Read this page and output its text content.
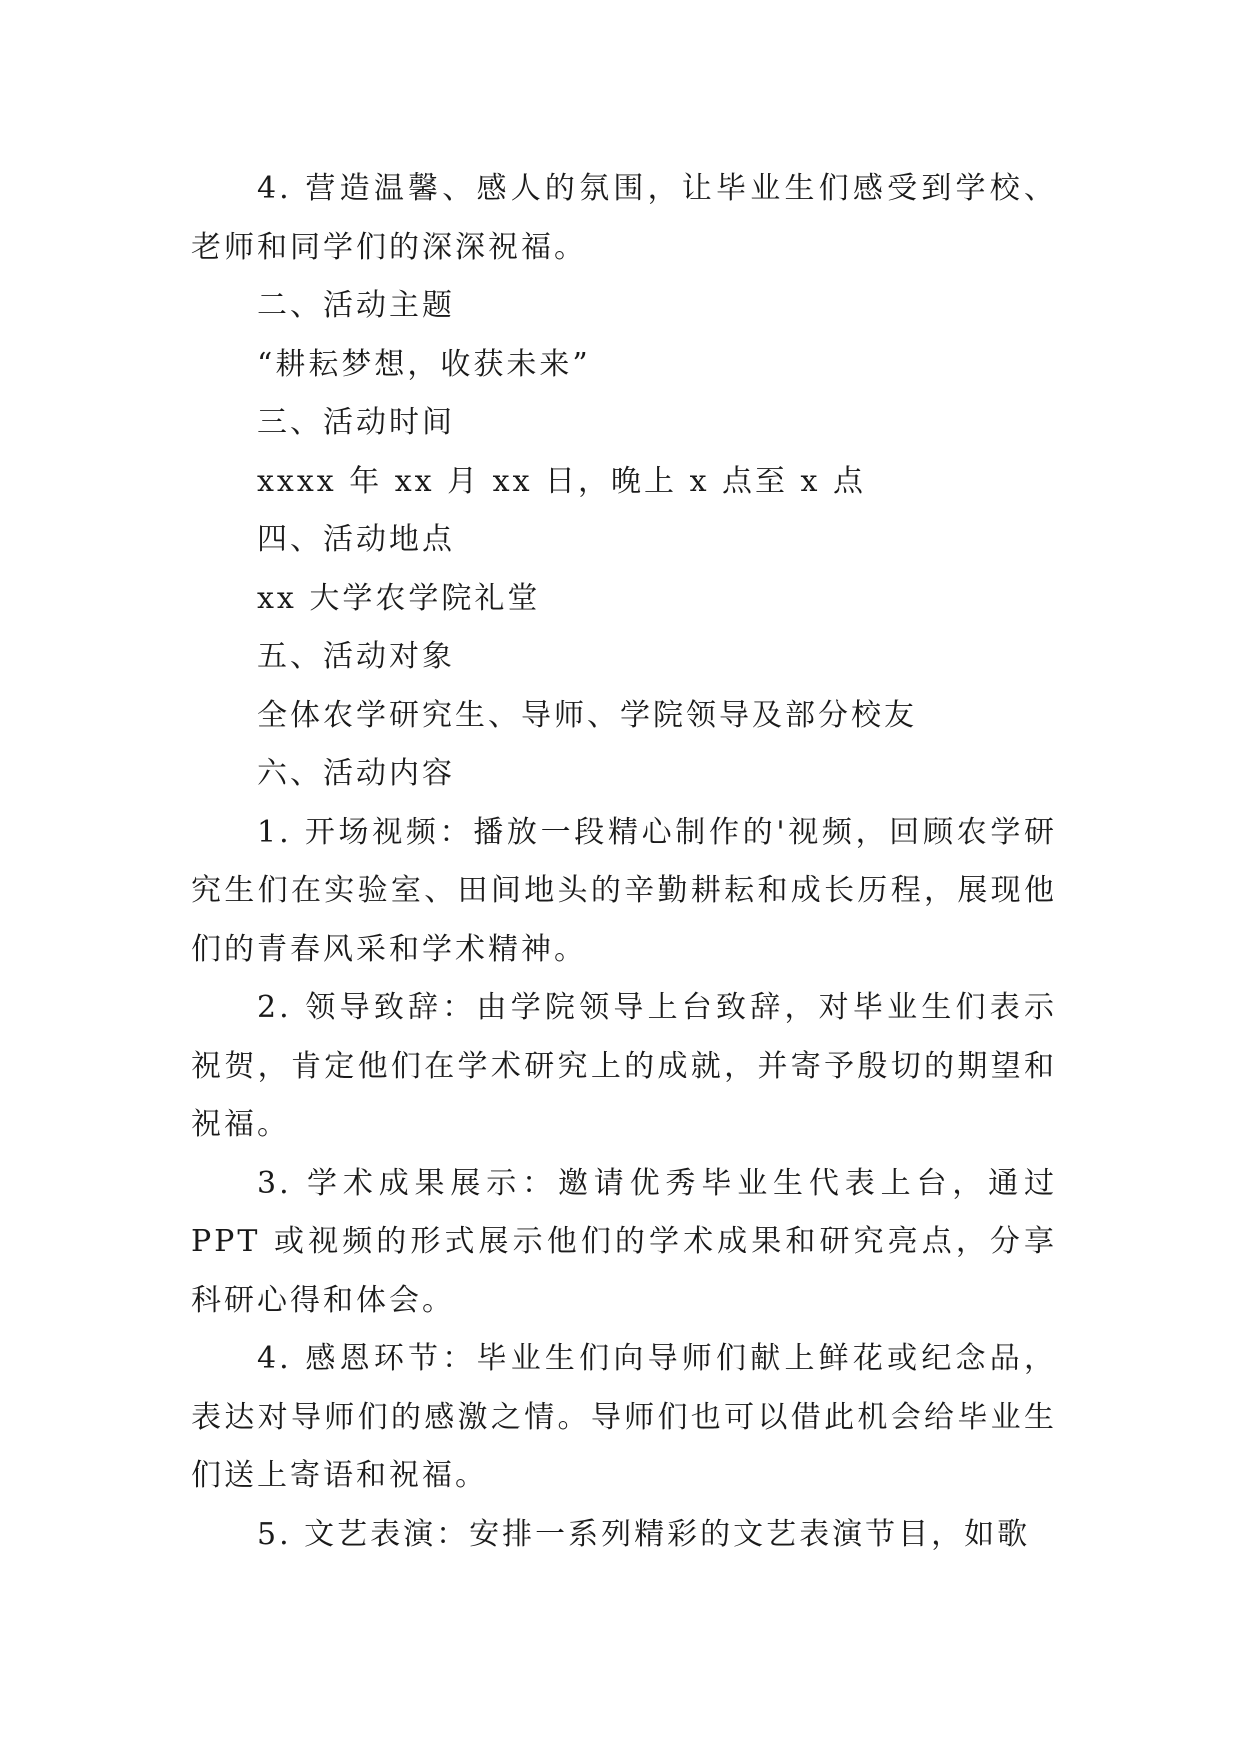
4. 营造温馨、感人的氛围，让毕业生们感受到学校、老师和同学们的深深祝福。

二、活动主题

“耕耘梦想，收获未来”

三、活动时间

xxxx 年 xx 月 xx 日，晚上 x 点至 x 点

四、活动地点

xx 大学农学院礼堂

五、活动对象

全体农学研究生、导师、学院领导及部分校友

六、活动内容

1. 开场视频：播放一段精心制作的'视频，回顾农学研究生们在实验室、田间地头的辛勤耕耘和成长历程，展现他们的青春风采和学术精神。

2. 领导致辞：由学院领导上台致辞，对毕业生们表示祝贺，肯定他们在学术研究上的成就，并寄予殷切的期望和祝福。

3. 学术成果展示：邀请优秀毕业生代表上台，通过 PPT 或视频的形式展示他们的学术成果和研究亮点，分享科研心得和体会。

4. 感恩环节：毕业生们向导师们献上鲜花或纪念品，表达对导师们的感激之情。导师们也可以借此机会给毕业生们送上寄语和祝福。

5. 文艺表演：安排一系列精彩的文艺表演节目，如歌
